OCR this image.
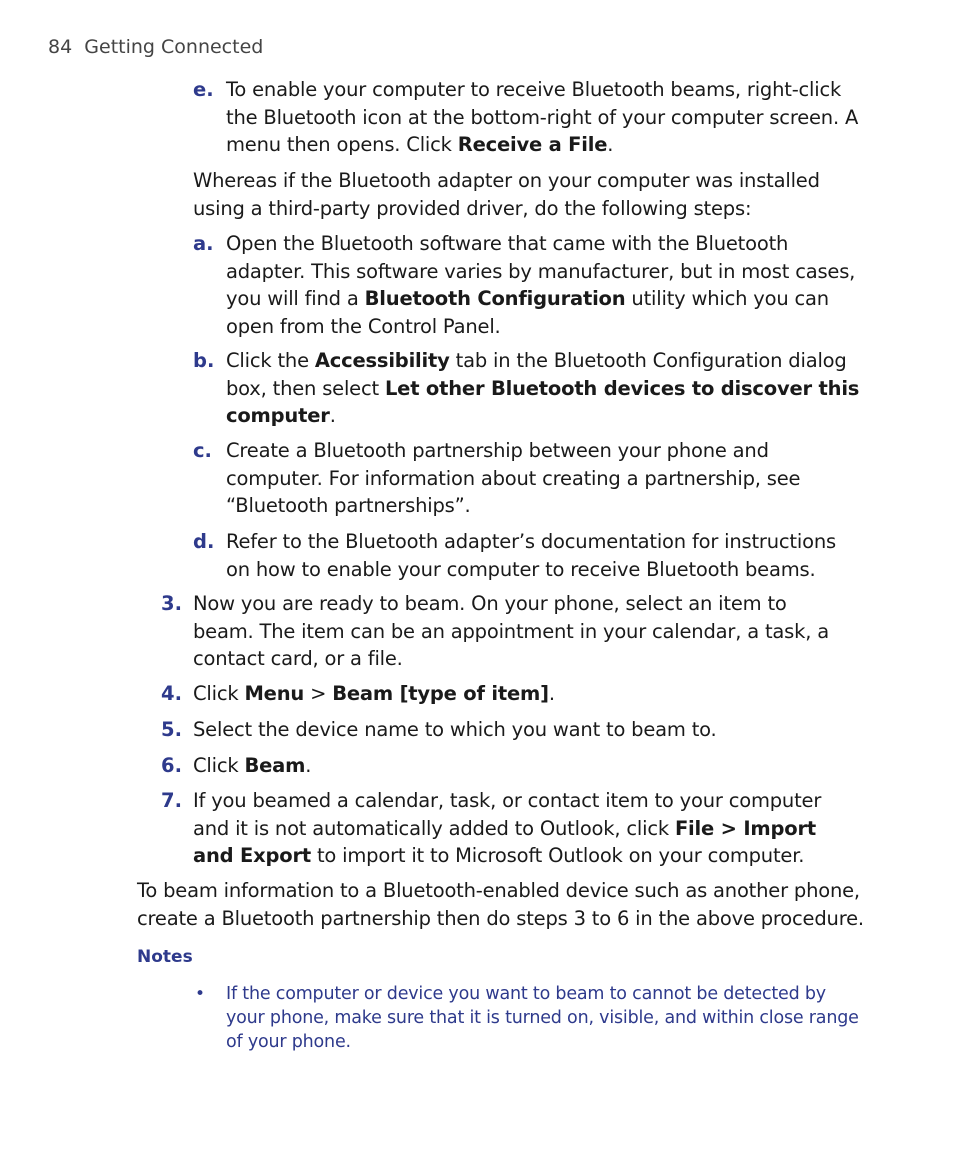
84 Getting Connected
e. To enable your computer to receive Bluetooth beams, right-click the Bluetooth icon at the bottom-right of your computer screen. A menu then opens. Click Receive a File.
Whereas if the Bluetooth adapter on your computer was installed using a third-party provided driver, do the following steps:
a. Open the Bluetooth software that came with the Bluetooth adapter. This software varies by manufacturer, but in most cases, you will find a Bluetooth Configuration utility which you can open from the Control Panel.
b. Click the Accessibility tab in the Bluetooth Configuration dialog box, then select Let other Bluetooth devices to discover this computer.
c. Create a Bluetooth partnership between your phone and computer. For information about creating a partnership, see “Bluetooth partnerships”.
d. Refer to the Bluetooth adapter’s documentation for instructions on how to enable your computer to receive Bluetooth beams.
3. Now you are ready to beam. On your phone, select an item to beam. The item can be an appointment in your calendar, a task, a contact card, or a file.
4. Click Menu > Beam [type of item].
5. Select the device name to which you want to beam to.
6. Click Beam.
7. If you beamed a calendar, task, or contact item to your computer and it is not automatically added to Outlook, click File > Import and Export to import it to Microsoft Outlook on your computer.
To beam information to a Bluetooth-enabled device such as another phone, create a Bluetooth partnership then do steps 3 to 6 in the above procedure.
Notes
• If the computer or device you want to beam to cannot be detected by your phone, make sure that it is turned on, visible, and within close range of your phone.
